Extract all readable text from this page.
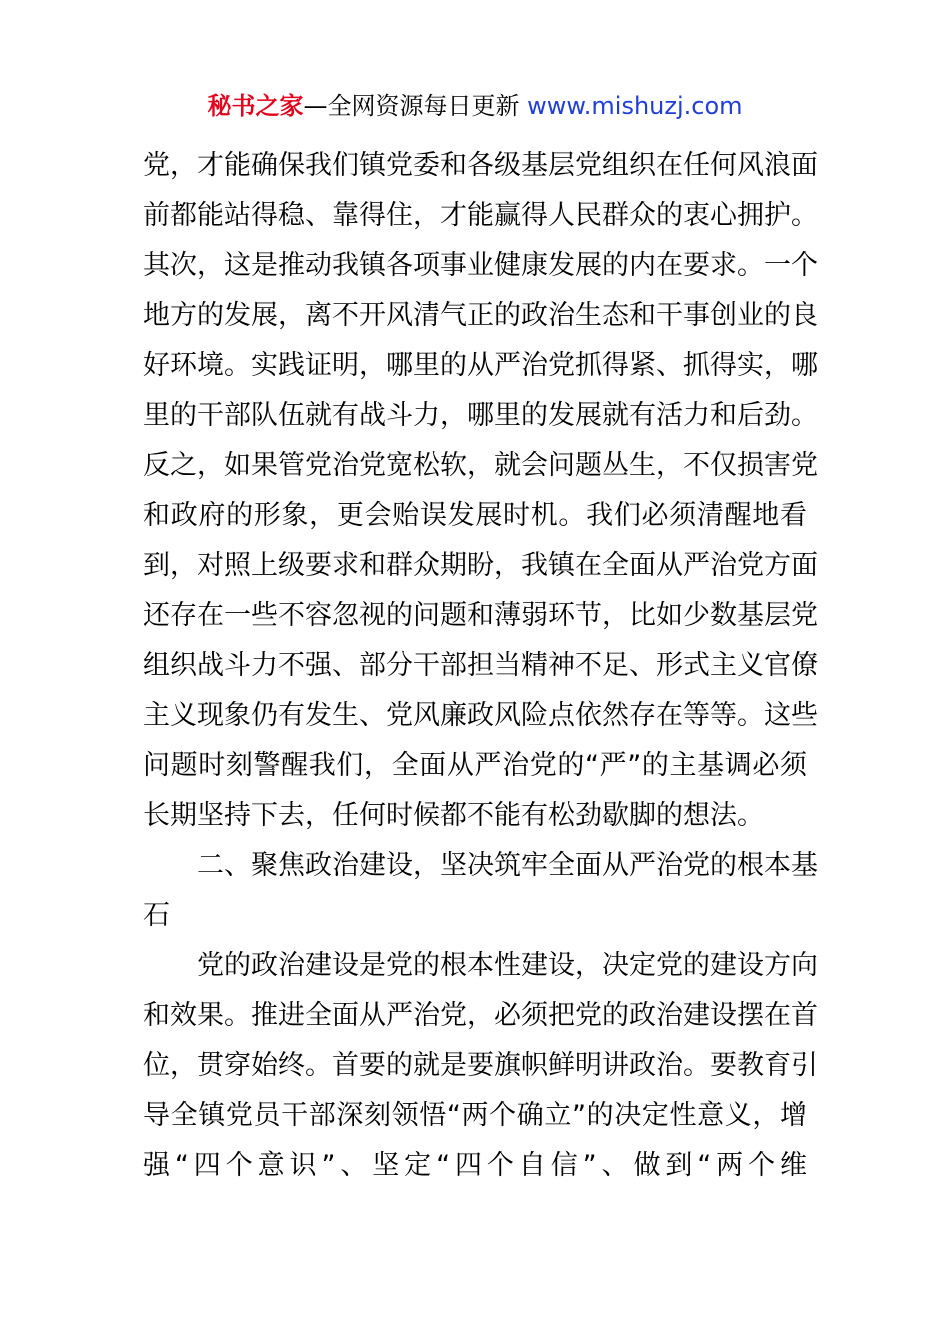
秘书之家—全网资源每日更新 www.mishuzj.com
党，才能确保我们镇党委和各级基层党组织在任何风浪面
前都能站得稳、靠得住，才能赢得人民群众的衷心拥护。
其次，这是推动我镇各项事业健康发展的内在要求。一个
地方的发展，离不开风清气正的政治生态和干事创业的良
好环境。实践证明，哪里的从严治党抓得紧、抓得实，哪
里的干部队伍就有战斗力，哪里的发展就有活力和后劲。
反之，如果管党治党宽松软，就会问题丛生，不仅损害党
和政府的形象，更会贻误发展时机。我们必须清醒地看
到，对照上级要求和群众期盼，我镇在全面从严治党方面
还存在一些不容忽视的问题和薄弱环节，比如少数基层党
组织战斗力不强、部分干部担当精神不足、形式主义官僚
主义现象仍有发生、党风廉政风险点依然存在等等。这些
问题时刻警醒我们，全面从严治党的“严”的主基调必须
长期坚持下去，任何时候都不能有松劲歇脚的想法。
　　二、聚焦政治建设，坚决筑牢全面从严治党的根本基
石
　　党的政治建设是党的根本性建设，决定党的建设方向
和效果。推进全面从严治党，必须把党的政治建设摆在首
位，贯穿始终。首要的就是要旗帜鲜明讲政治。要教育引
导全镇党员干部深刻领悟“两个确立”的决定性意义，增
强“四个意识”、坚定“四个自信”、做到“两个维
